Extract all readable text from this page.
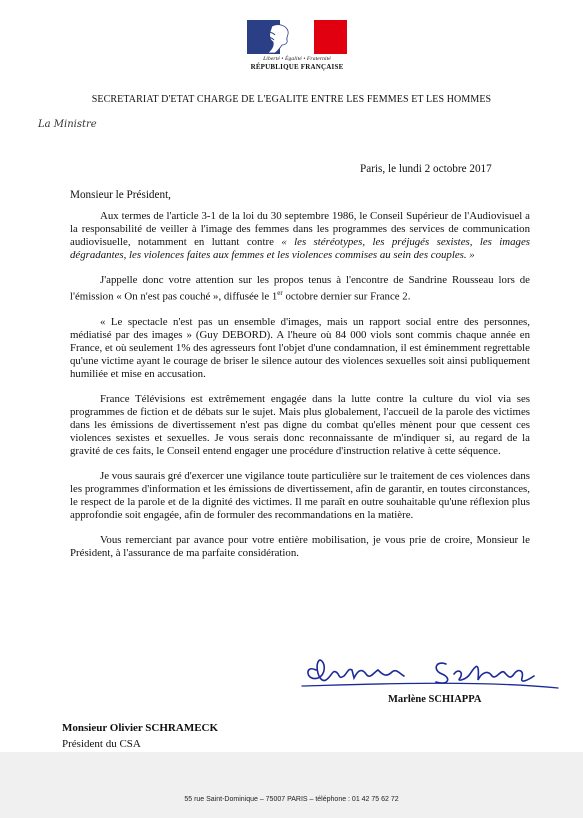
Liberté • Égalité • Fraternité
RÉPUBLIQUE FRANÇAISE
SECRETARIAT D'ETAT CHARGE DE L'EGALITE ENTRE LES FEMMES ET LES HOMMES
La Ministre
Paris, le lundi 2 octobre 2017
Monsieur le Président,

Aux termes de l'article 3-1 de la loi du 30 septembre 1986, le Conseil Supérieur de l'Audiovisuel a la responsabilité de veiller à l'image des femmes dans les programmes des services de communication audiovisuelle, notamment en luttant contre « les stéréotypes, les préjugés sexistes, les images dégradantes, les violences faites aux femmes et les violences commises au sein des couples. »

J'appelle donc votre attention sur les propos tenus à l'encontre de Sandrine Rousseau lors de l'émission « On n'est pas couché », diffusée le 1er octobre dernier sur France 2.

« Le spectacle n'est pas un ensemble d'images, mais un rapport social entre des personnes, médiatisé par des images » (Guy DEBORD). A l'heure où 84 000 viols sont commis chaque année en France, et où seulement 1% des agresseurs font l'objet d'une condamnation, il est éminemment regrettable qu'une victime ayant le courage de briser le silence autour des violences sexuelles soit ainsi publiquement humiliée et mise en accusation.

France Télévisions est extrêmement engagée dans la lutte contre la culture du viol via ses programmes de fiction et de débats sur le sujet. Mais plus globalement, l'accueil de la parole des victimes dans les émissions de divertissement n'est pas digne du combat qu'elles mènent pour que cessent ces violences sexistes et sexuelles. Je vous serais donc reconnaissante de m'indiquer si, au regard de la gravité de ces faits, le Conseil entend engager une procédure d'instruction relative à cette séquence.

Je vous saurais gré d'exercer une vigilance toute particulière sur le traitement de ces violences dans les programmes d'information et les émissions de divertissement, afin de garantir, en toutes circonstances, le respect de la parole et de la dignité des victimes. Il me paraît en outre souhaitable qu'une réflexion plus approfondie soit engagée, afin de formuler des recommandations en la matière.

Vous remerciant par avance pour votre entière mobilisation, je vous prie de croire, Monsieur le Président, à l'assurance de ma parfaite considération.

Marlène SCHIAPPA
Monsieur Olivier SCHRAMECK
Président du CSA
55 rue Saint-Dominique – 75007 PARIS – téléphone : 01 42 75 62 72
